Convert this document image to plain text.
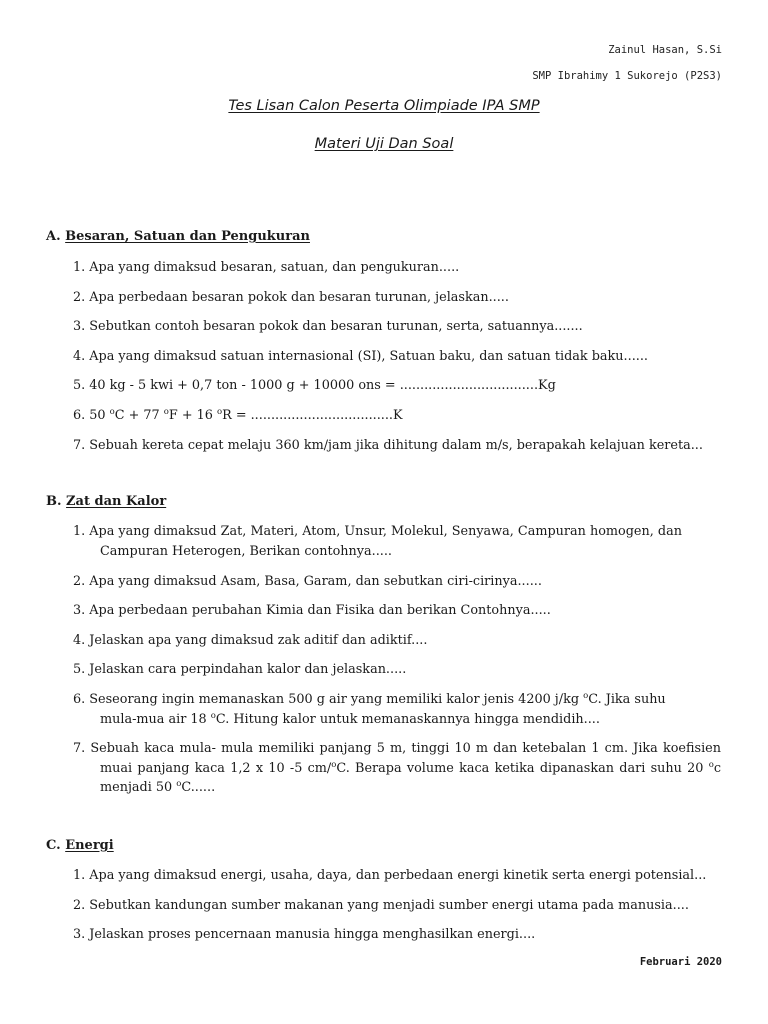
Zainul Hasan, S.Si
SMP Ibrahimy 1 Sukorejo (P2S3)
Tes Lisan Calon Peserta Olimpiade IPA SMP
Materi Uji Dan Soal
A. Besaran, Satuan dan Pengukuran
1. Apa yang dimaksud besaran, satuan, dan pengukuran.....
2. Apa perbedaan besaran pokok dan besaran turunan, jelaskan.....
3. Sebutkan contoh besaran pokok dan besaran turunan, serta, satuannya.......
4. Apa yang dimaksud satuan internasional (SI), Satuan baku, dan satuan tidak baku......
5. 40 kg - 5 kwi + 0,7 ton - 1000 g + 10000 ons = ..................................Kg
6. 50 $^o$C + 77 $^o$F + 16 $^o$R = ...................................K
7. Sebuah kereta cepat melaju 360 km/jam jika dihitung dalam m/s, berapakah kelajuan kereta...
B. Zat dan Kalor
1. Apa yang dimaksud Zat, Materi, Atom, Unsur, Molekul, Senyawa, Campuran homogen, dan
Campuran Heterogen, Berikan contohnya.....
2. Apa yang dimaksud Asam, Basa, Garam, dan sebutkan ciri-cirinya......
3. Apa perbedaan perubahan Kimia dan Fisika dan berikan Contohnya.....
4. Jelaskan apa yang dimaksud zak aditif dan adiktif....
5. Jelaskan cara perpindahan kalor dan jelaskan.....
6. Seseorang ingin memanaskan 500 g air yang memiliki kalor jenis 4200 j/kg $^o$C. Jika suhu
mula-mua air 18 $^o$C. Hitung kalor untuk memanaskannya hingga mendidih....
7. Sebuah kaca mula- mula memiliki panjang 5 m, tinggi 10 m dan ketebalan 1 cm. Jika koefisien
muai panjang kaca 1,2 x 10 -5 cm/$^o$C. Berapa volume kaca ketika dipanaskan dari suhu 20 $^o$c
menjadi 50 $^o$C......
C. Energi
1. Apa yang dimaksud energi, usaha, daya, dan perbedaan energi kinetik serta energi potensial...
2. Sebutkan kandungan sumber makanan yang menjadi sumber energi utama pada manusia....
3. Jelaskan proses pencernaan manusia hingga menghasilkan energi....
Februari 2020
